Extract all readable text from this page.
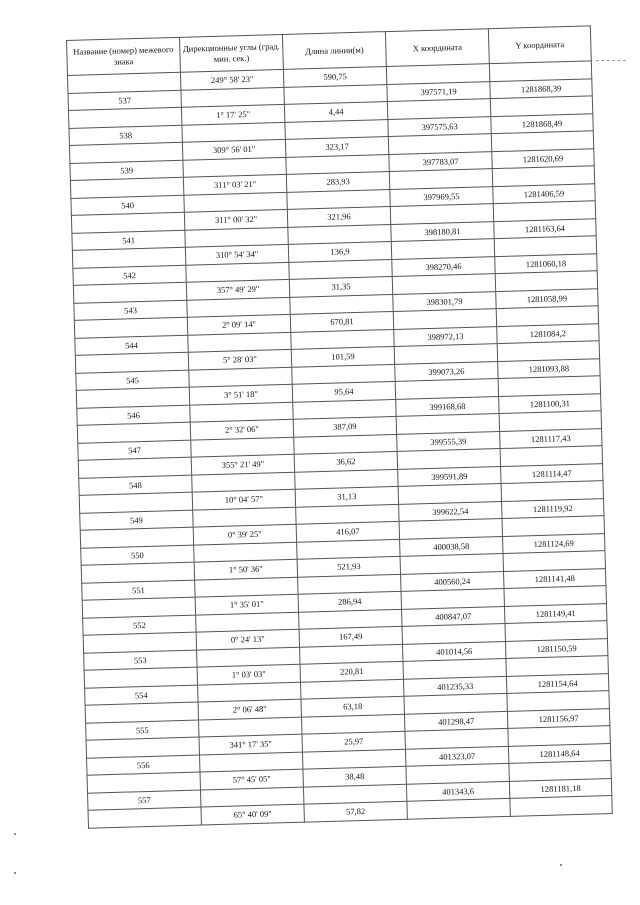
Название (номер) межевого знака	Дирекционные углы (град. мин. сек.)	Длина линии(м)	X координата	Y координата
	249° 58' 23"	590,75		
537			397571,19	1281868,39
	1° 17' 25"	4,44		
538			397575,63	1281868,49
	309° 56' 01"	323,17		
539			397783,07	1281620,69
	311° 03' 21"	283,93		
540			397969,55	1281406,59
	311° 00' 32"	321,96		
541			398180,81	1281163,64
	310° 54' 34"	136,9		
542			398270,46	1281060,18
	357° 49' 29"	31,35		
543			398301,79	1281058,99
	2° 09' 14"	670,81		
544			398972,13	1281084,2
	5° 28' 03"	101,59		
545			399073,26	1281093,88
	3° 51' 18"	95,64		
546			399168,68	1281100,31
	2° 32' 06"	387,09		
547			399555,39	1281117,43
	355° 21' 49"	36,62		
548			399591,89	1281114,47
	10° 04' 57"	31,13		
549			399622,54	1281119,92
	0° 39' 25"	416,07		
550			400038,58	1281124,69
	1° 50' 36"	521,93		
551			400560,24	1281141,48
	1° 35' 01"	286,94		
552			400847,07	1281149,41
	0° 24' 13"	167,49		
553			401014,56	1281150,59
	1° 03' 03"	220,81		
554			401235,33	1281154,64
	2° 06' 48"	63,18		
555			401298,47	1281156,97
	341° 17' 35"	25,97		
556			401323,07	1281148,64
	57° 45' 05"	38,48		
557			401343,6	1281181,18
	65° 40' 09"	57,82		
